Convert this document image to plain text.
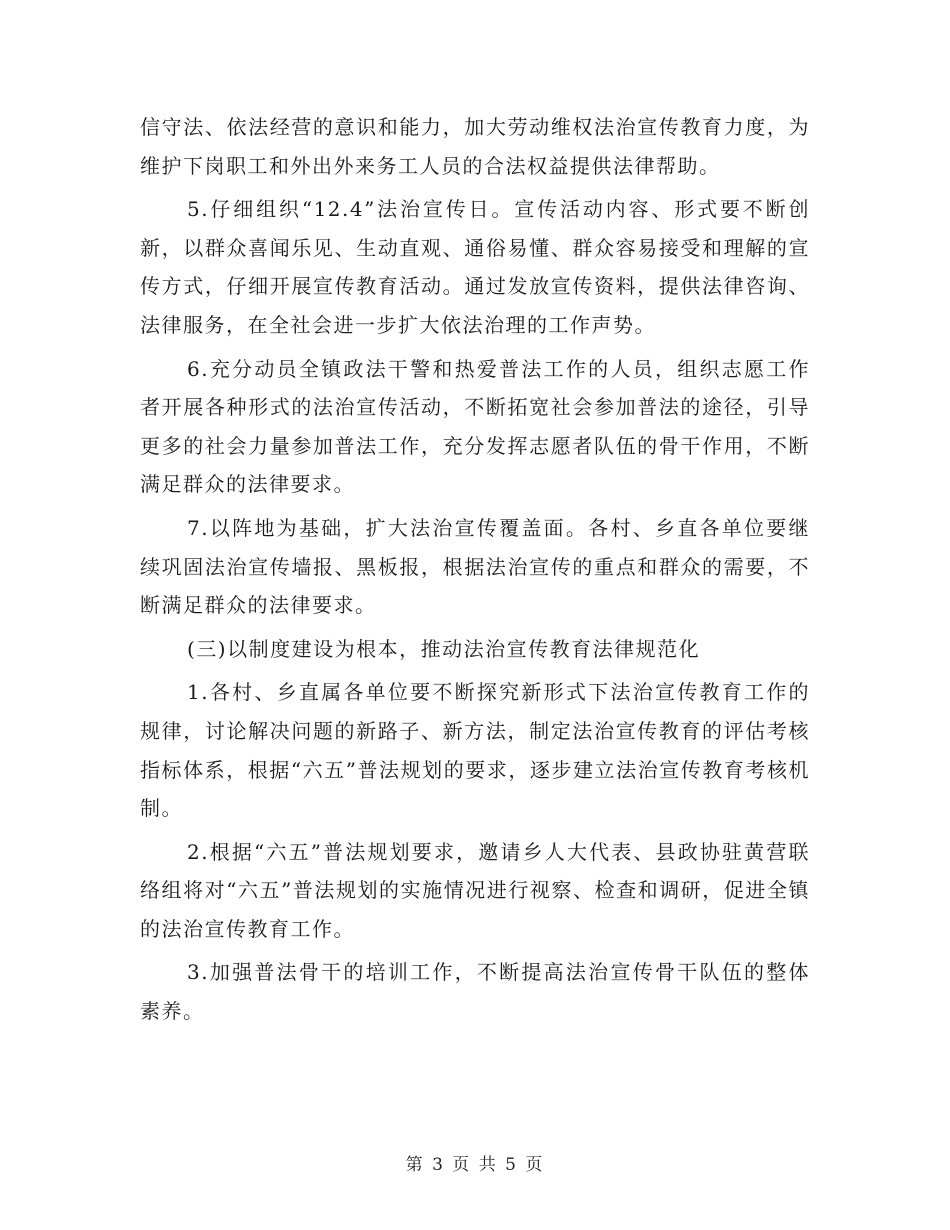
信守法、依法经营的意识和能力，加大劳动维权法治宣传教育力度，为维护下岗职工和外出外来务工人员的合法权益提供法律帮助。

5.仔细组织“12.4”法治宣传日。宣传活动内容、形式要不断创新，以群众喜闻乐见、生动直观、通俗易懂、群众容易接受和理解的宣传方式，仔细开展宣传教育活动。通过发放宣传资料，提供法律咨询、法律服务，在全社会进一步扩大依法治理的工作声势。

6.充分动员全镇政法干警和热爱普法工作的人员，组织志愿工作者开展各种形式的法治宣传活动，不断拓宽社会参加普法的途径，引导更多的社会力量参加普法工作，充分发挥志愿者队伍的骨干作用，不断满足群众的法律要求。

7.以阵地为基础，扩大法治宣传覆盖面。各村、乡直各单位要继续巩固法治宣传墙报、黑板报，根据法治宣传的重点和群众的需要，不断满足群众的法律要求。

(三)以制度建设为根本，推动法治宣传教育法律规范化

1.各村、乡直属各单位要不断探究新形式下法治宣传教育工作的规律，讨论解决问题的新路子、新方法，制定法治宣传教育的评估考核指标体系，根据“六五”普法规划的要求，逐步建立法治宣传教育考核机制。

2.根据“六五”普法规划要求，邀请乡人大代表、县政协驻黄营联络组将对“六五”普法规划的实施情况进行视察、检查和调研，促进全镇的法治宣传教育工作。

3.加强普法骨干的培训工作，不断提高法治宣传骨干队伍的整体素养。

第 3 页 共 5 页
